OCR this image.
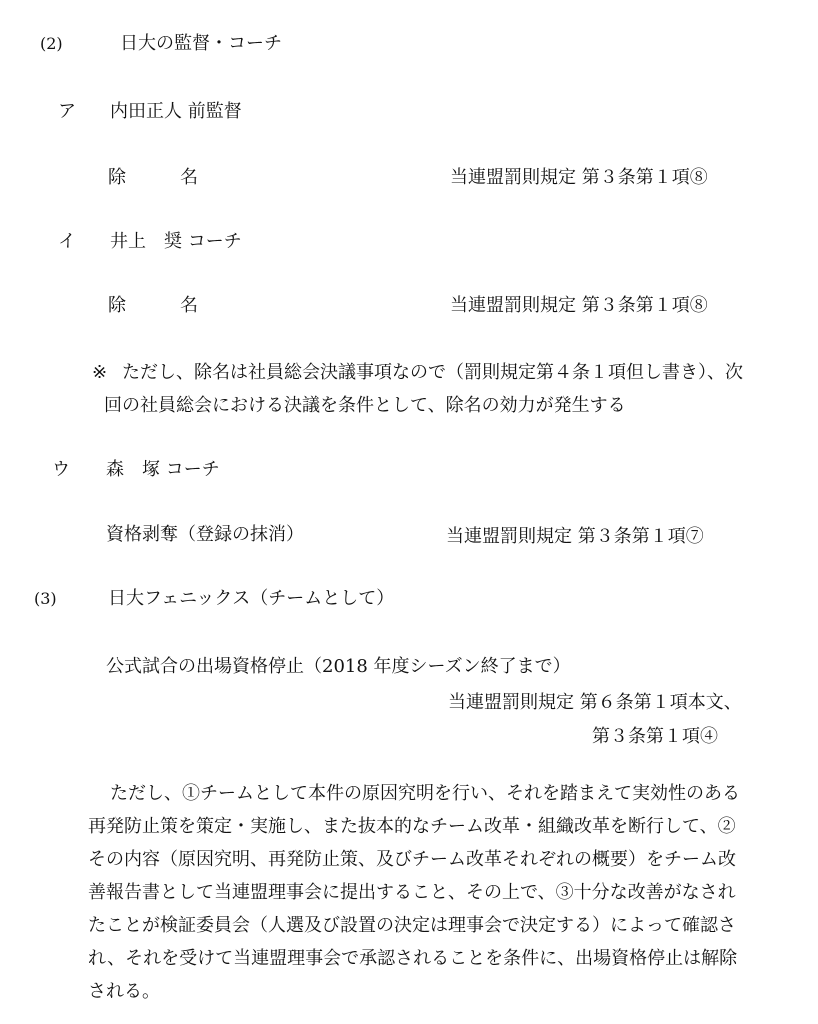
(2)	日大の監督・コーチ
ア 内田正人 前監督
除　　　名	当連盟罰則規定 第３条第１項⑧
イ 井上　奨 コーチ
除　　　名	当連盟罰則規定 第３条第１項⑧
※ ただし、除名は社員総会決議事項なので（罰則規定第４条１項但し書き）、次
回の社員総会における決議を条件として、除名の効力が発生する
ウ 森　塚 コーチ
資格剥奪（登録の抹消）	当連盟罰則規定 第３条第１項⑦
(3)	日大フェニックス（チームとして）
公式試合の出場資格停止（2018 年度シーズン終了まで）
当連盟罰則規定 第６条第１項本文、
第３条第１項④
ただし、①チームとして本件の原因究明を行い、それを踏まえて実効性のある
再発防止策を策定・実施し、また抜本的なチーム改革・組織改革を断行して、②
その内容（原因究明、再発防止策、及びチーム改革それぞれの概要）をチーム改
善報告書として当連盟理事会に提出すること、その上で、③十分な改善がなされ
たことが検証委員会（人選及び設置の決定は理事会で決定する）によって確認さ
れ、それを受けて当連盟理事会で承認されることを条件に、出場資格停止は解除
される。
